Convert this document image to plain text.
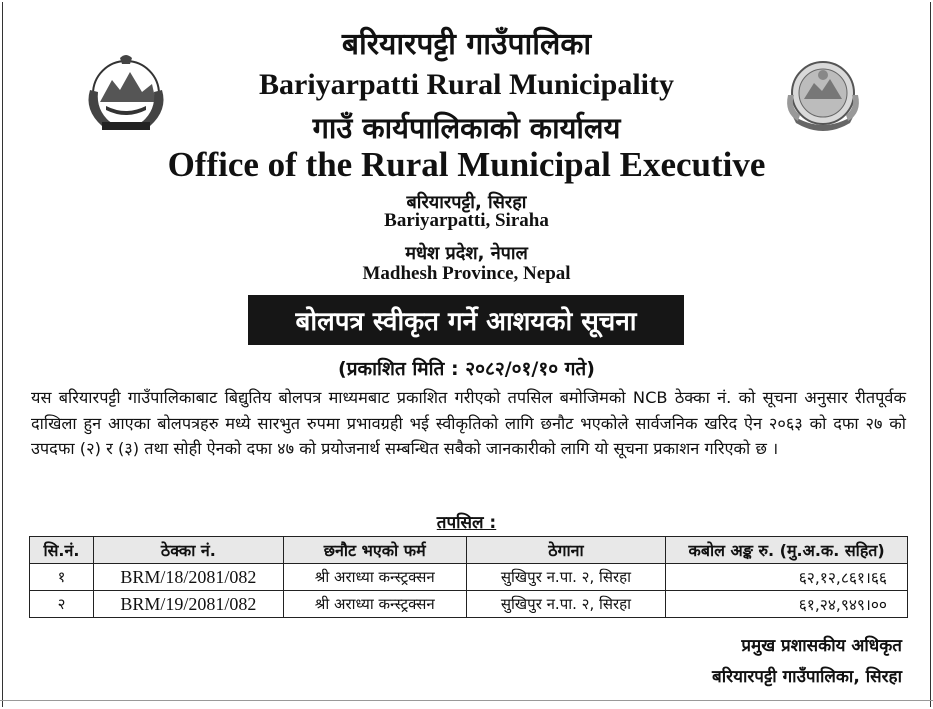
बरियारपट्टी गाउँपालिका
Bariyarpatti Rural Municipality
गाउँ कार्यपालिकाको कार्यालय
Office of the Rural Municipal Executive
बरियारपट्टी, सिरहा
Bariyarpatti, Siraha
मधेश प्रदेश, नेपाल
Madhesh Province, Nepal
बोलपत्र स्वीकृत गर्ने आशयको सूचना
(प्रकाशित मिति : २०८२/०१/१० गते)
यस बरियारपट्टी गाउँपालिकाबाट बिद्युतिय बोलपत्र माध्यमबाट प्रकाशित गरीएको तपसिल बमोजिमको NCB ठेक्का नं. को सूचना अनुसार रीतपूर्वक दाखिला हुन आएका बोलपत्रहरु मध्ये सारभुत रुपमा प्रभावग्रही भई स्वीकृतिको लागि छनौट भएकोले सार्वजनिक खरिद ऐन २०६३ को दफा २७ को उपदफा (२) र (३) तथा सोही ऐनको दफा ४७ को प्रयोजनार्थ सम्बन्धित सबैको जानकारीको लागि यो सूचना प्रकाशन गरिएको छ ।
तपसिल :
सि.नं.	ठेक्का नं.	छनौट भएको फर्म	ठेगाना	कबोल अङ्क रु. (मु.अ.क. सहित)
१	BRM/18/2081/082	श्री अराध्या कन्स्ट्रक्सन	सुखिपुर न.पा. २, सिरहा	६२,१२,८६१।६६
२	BRM/19/2081/082	श्री अराध्या कन्स्ट्रक्सन	सुखिपुर न.पा. २, सिरहा	६१,२४,९४९।००
प्रमुख प्रशासकीय अधिकृत
बरियारपट्टी गाउँपालिका, सिरहा
